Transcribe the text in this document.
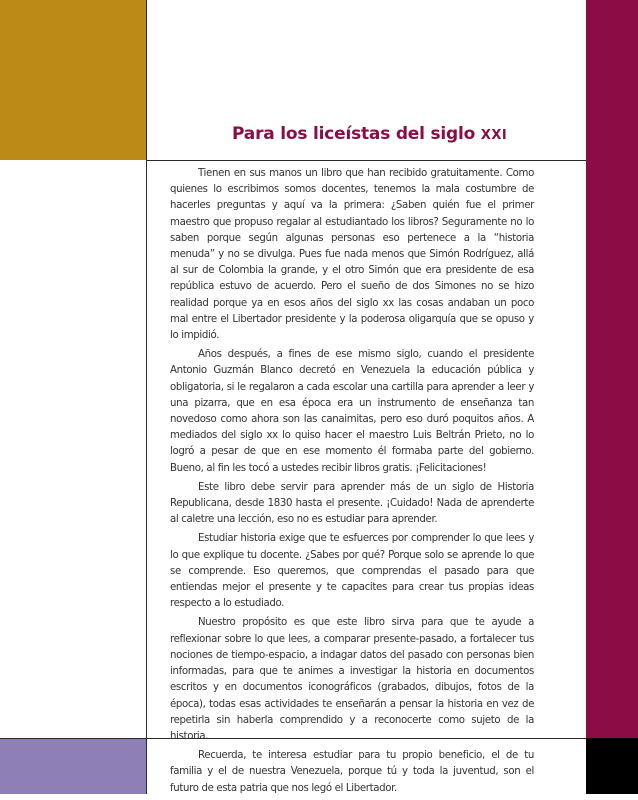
Para los liceístas del siglo XXI

Tienen en sus manos un libro que han recibido gratuitamente. Como quienes lo escribimos somos docentes, tenemos la mala costumbre de hacerles preguntas y aquí va la primera: ¿Saben quién fue el primer maestro que propuso regalar al estudiantado los libros? Seguramente no lo saben porque según algunas personas eso pertenece a la “historia menuda” y no se divulga. Pues fue nada menos que Simón Rodríguez, allá al sur de Colombia la grande, y el otro Simón que era presidente de esa república estuvo de acuerdo. Pero el sueño de dos Simones no se hizo realidad porque ya en esos años del siglo xx las cosas andaban un poco mal entre el Libertador presidente y la poderosa oligarquía que se opuso y lo impidió.

Años después, a fines de ese mismo siglo, cuando el presidente Antonio Guzmán Blanco decretó en Venezuela la educación pública y obligatoria, si le regalaron a cada escolar una cartilla para aprender a leer y una pizarra, que en esa época era un instrumento de enseñanza tan novedoso como ahora son las canaimitas, pero eso duró poquitos años. A mediados del siglo xx lo quiso hacer el maestro Luis Beltrán Prieto, no lo logró a pesar de que en ese momento él formaba parte del gobierno. Bueno, al fin les tocó a ustedes recibir libros gratis. ¡Felicitaciones!

Este libro debe servir para aprender más de un siglo de Historia Republicana, desde 1830 hasta el presente. ¡Cuidado! Nada de aprenderte al caletre una lección, eso no es estudiar para aprender.

Estudiar historia exige que te esfuerces por comprender lo que lees y lo que explique tu docente. ¿Sabes por qué? Porque solo se aprende lo que se comprende. Eso queremos, que comprendas el pasado para que entiendas mejor el presente y te capacites para crear tus propias ideas respecto a lo estudiado.

Nuestro propósito es que este libro sirva para que te ayude a reflexionar sobre lo que lees, a comparar presente-pasado, a fortalecer tus nociones de tiempo-espacio, a indagar datos del pasado con personas bien informadas, para que te animes a investigar la historia en documentos escritos y en documentos iconográficos (grabados, dibujos, fotos de la época), todas esas actividades te enseñarán a pensar la historia en vez de repetirla sin haberla comprendido y a reconocerte como sujeto de la historia.

Recuerda, te interesa estudiar para tu propio beneficio, el de tu familia y el de nuestra Venezuela, porque tú y toda la juventud, son el futuro de esta patria que nos legó el Libertador.
